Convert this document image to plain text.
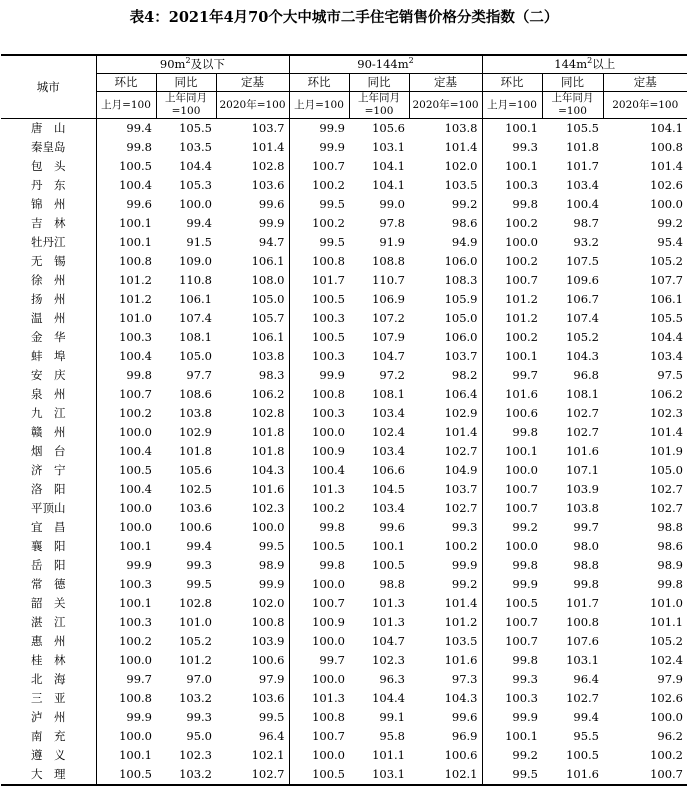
表4：2021年4月70个大中城市二手住宅销售价格分类指数（二）
城市	$90m^2$及以下			$90-144m^2$			$144m^2$以上		
	环比	同比	定基	环比	同比	定基	环比	同比	定基
	上月=100	上年同月=100	2020年=100	上月=100	上年同月=100	2020年=100	上月=100	上年同月=100	2020年=100
唐　山	99.4	105.5	103.7	99.9	105.6	103.8	100.1	105.5	104.1
秦皇岛	99.8	103.5	101.4	99.9	103.1	101.4	99.3	101.8	100.8
包　头	100.5	104.4	102.8	100.7	104.1	102.0	100.1	101.7	101.4
丹　东	100.4	105.3	103.6	100.2	104.1	103.5	100.3	103.4	102.6
锦　州	99.6	100.0	99.6	99.5	99.0	99.2	99.8	100.4	100.0
吉　林	100.1	99.4	99.9	100.2	97.8	98.6	100.2	98.7	99.2
牡丹江	100.1	91.5	94.7	99.5	91.9	94.9	100.0	93.2	95.4
无　锡	100.8	109.0	106.1	100.8	108.8	106.0	100.2	107.5	105.2
徐　州	101.2	110.8	108.0	101.7	110.7	108.3	100.7	109.6	107.7
扬　州	101.2	106.1	105.0	100.5	106.9	105.9	101.2	106.7	106.1
温　州	101.0	107.4	105.7	100.3	107.2	105.0	101.2	107.4	105.5
金　华	100.3	108.1	106.1	100.5	107.9	106.0	100.2	105.2	104.4
蚌　埠	100.4	105.0	103.8	100.3	104.7	103.7	100.1	104.3	103.4
安　庆	99.8	97.7	98.3	99.9	97.2	98.2	99.7	96.8	97.5
泉　州	100.7	108.6	106.2	100.8	108.1	106.4	101.6	108.1	106.2
九　江	100.2	103.8	102.8	100.3	103.4	102.9	100.6	102.7	102.3
赣　州	100.0	102.9	101.8	100.0	102.4	101.4	99.8	102.7	101.4
烟　台	100.4	101.8	101.8	100.9	103.4	102.7	100.1	101.6	101.9
济　宁	100.5	105.6	104.3	100.4	106.6	104.9	100.0	107.1	105.0
洛　阳	100.4	102.5	101.6	101.3	104.5	103.7	100.7	103.9	102.7
平顶山	100.0	103.6	102.3	100.2	103.4	102.7	100.7	103.8	102.7
宜　昌	100.0	100.6	100.0	99.8	99.6	99.3	99.2	99.7	98.8
襄　阳	100.1	99.4	99.5	100.5	100.1	100.2	100.0	98.0	98.6
岳　阳	99.9	99.3	98.9	99.8	100.5	99.9	99.8	98.8	98.9
常　德	100.3	99.5	99.9	100.0	98.8	99.2	99.9	99.8	99.8
韶　关	100.1	102.8	102.0	100.7	101.3	101.4	100.5	101.7	101.0
湛　江	100.3	101.0	100.8	100.9	101.3	101.2	100.7	100.8	101.1
惠　州	100.2	105.2	103.9	100.0	104.7	103.5	100.7	107.6	105.2
桂　林	100.0	101.2	100.6	99.7	102.3	101.6	99.8	103.1	102.4
北　海	99.7	97.0	97.9	100.0	96.3	97.3	99.3	96.4	97.9
三　亚	100.8	103.2	103.6	101.3	104.4	104.3	100.3	102.7	102.6
泸　州	99.9	99.3	99.5	100.8	99.1	99.6	99.9	99.4	100.0
南　充	100.0	95.0	96.4	100.7	95.8	96.9	100.1	95.5	96.2
遵　义	100.1	102.3	102.1	100.0	101.1	100.6	99.2	100.5	100.2
大　理	100.5	103.2	102.7	100.5	103.1	102.1	99.5	101.6	100.7
